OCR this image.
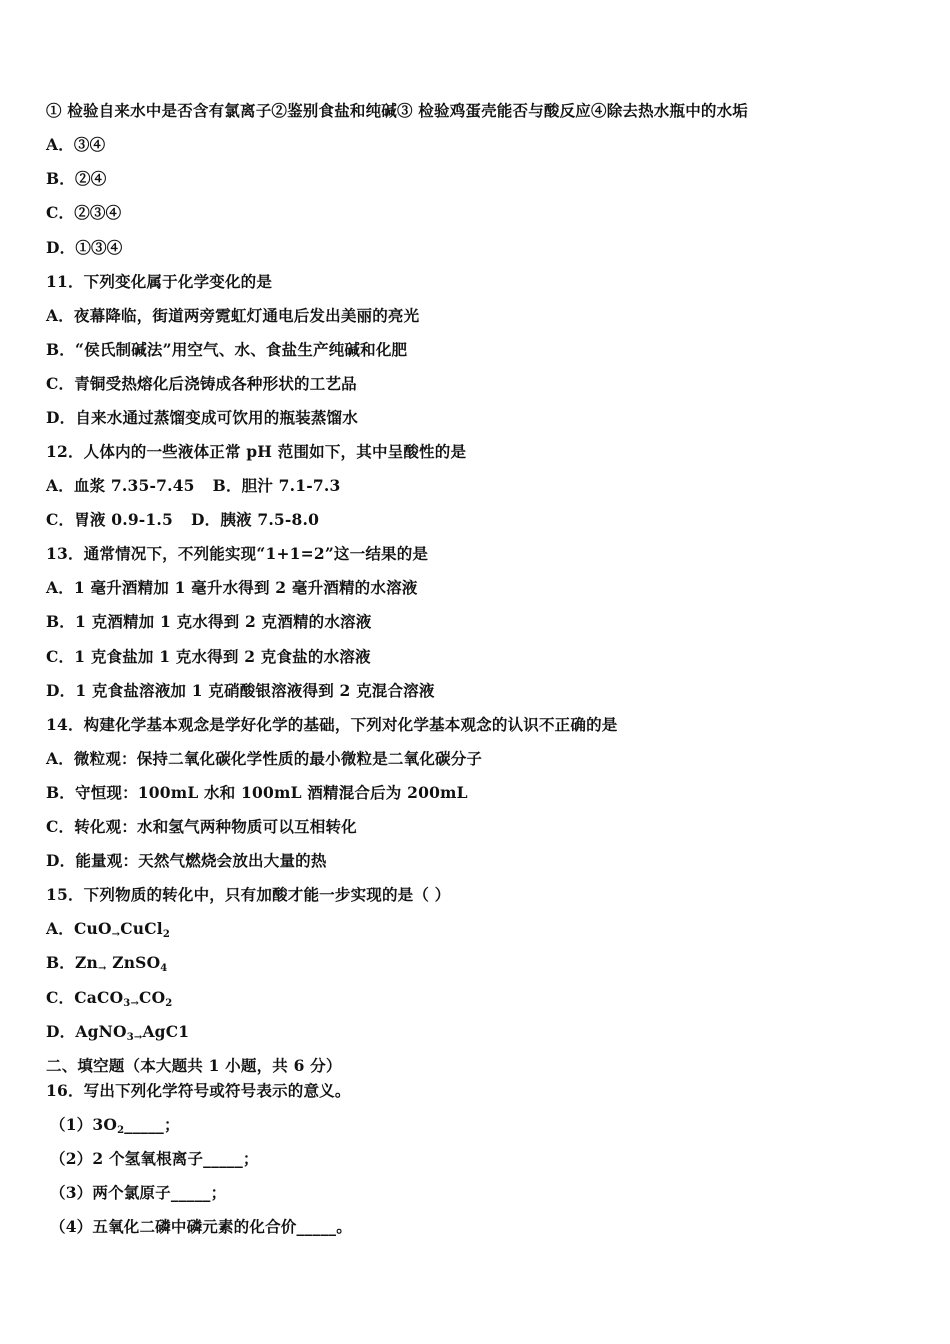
① 检验自来水中是否含有氯离子②鉴别食盐和纯碱③ 检验鸡蛋壳能否与酸反应④除去热水瓶中的水垢
A．③④
B．②④
C．②③④
D．①③④
11．下列变化属于化学变化的是
A．夜幕降临，街道两旁霓虹灯通电后发出美丽的亮光
B．“侯氏制碱法”用空气、水、食盐生产纯碱和化肥
C．青铜受热熔化后浇铸成各种形状的工艺品
D．自来水通过蒸馏变成可饮用的瓶装蒸馏水
12．人体内的一些液体正常 pH 范围如下，其中呈酸性的是
A．血浆 7.35-7.45 B．胆汁 7.1-7.3
C．胃液 0.9-1.5 D．胰液 7.5-8.0
13．通常情况下，不列能实现“1+1=2”这一结果的是
A．1 毫升酒精加 1 毫升水得到 2 毫升酒精的水溶液
B．1 克酒精加 1 克水得到 2 克酒精的水溶液
C．1 克食盐加 1 克水得到 2 克食盐的水溶液
D．1 克食盐溶液加 1 克硝酸银溶液得到 2 克混合溶液
14．构建化学基本观念是学好化学的基础，下列对化学基本观念的认识不正确的是
A．微粒观：保持二氧化碳化学性质的最小微粒是二氧化碳分子
B．守恒现：100mL 水和 100mL 酒精混合后为 200mL
C．转化观：水和氢气两种物质可以互相转化
D．能量观：天然气燃烧会放出大量的热
15．下列物质的转化中，只有加酸才能一步实现的是（ ）
A．CuO$_\to$CuCl$_2$
B．$Zn_\to$ ZnSO$_4$
C．$CaCO_{3\to}CO_2$
D．AgNO$_{3\to}$AgC1
二、填空题（本大题共 1 小题，共 6 分）
16．写出下列化学符号或符号表示的意义。
$(1)3O_2\_\_\_\_\_$；
（2）2 个氢氧根离子_____；
（3）两个氯原子_____；
（4）五氧化二磷中磷元素的化合价_____。
